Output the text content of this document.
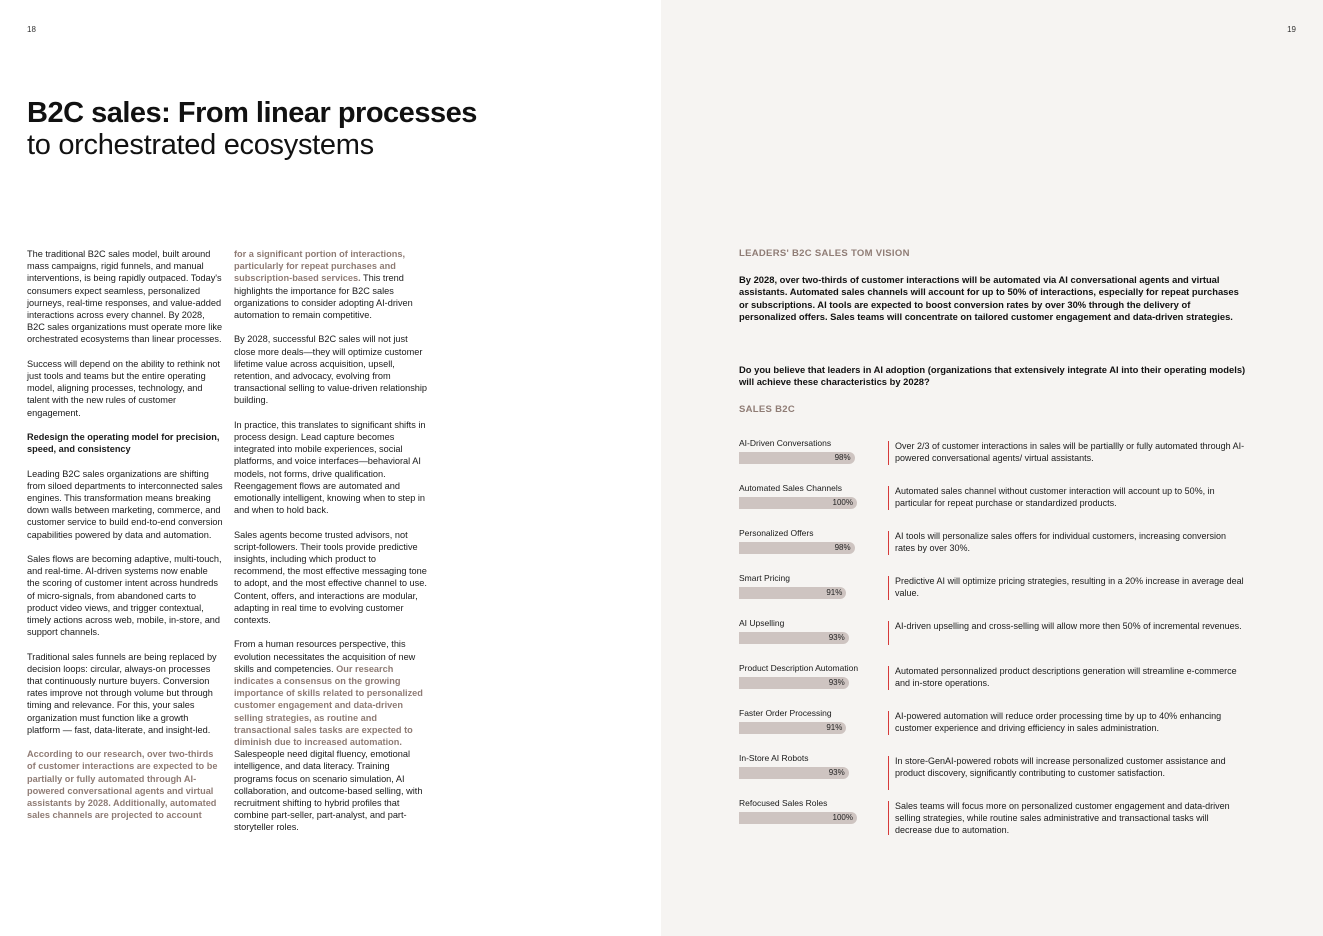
18
B2C sales: From linear processes
to orchestrated ecosystems

The traditional B2C sales model, built around mass campaigns, rigid funnels, and manual interventions, is being rapidly outpaced. Today's consumers expect seamless, personalized journeys, real-time responses, and value-added interactions across every channel. By 2028, B2C sales organizations must operate more like orchestrated ecosystems than linear processes.

Success will depend on the ability to rethink not just tools and teams but the entire operating model, aligning processes, technology, and talent with the new rules of customer engagement.

Redesign the operating model for precision, speed, and consistency

Leading B2C sales organizations are shifting from siloed departments to interconnected sales engines. This transformation means breaking down walls between marketing, commerce, and customer service to build end-to-end conversion capabilities powered by data and automation.

Sales flows are becoming adaptive, multi-touch, and real-time. AI-driven systems now enable the scoring of customer intent across hundreds of micro-signals, from abandoned carts to product video views, and trigger contextual, timely actions across web, mobile, in-store, and support channels.

Traditional sales funnels are being replaced by decision loops: circular, always-on processes that continuously nurture buyers. Conversion rates improve not through volume but through timing and relevance. For this, your sales organization must function like a growth platform — fast, data-literate, and insight-led.

According to our research, over two-thirds of customer interactions are expected to be partially or fully automated through AI-powered conversational agents and virtual assistants by 2028. Additionally, automated sales channels are projected to account

for a significant portion of interactions, particularly for repeat purchases and subscription-based services. This trend highlights the importance for B2C sales organizations to consider adopting AI-driven automation to remain competitive.

By 2028, successful B2C sales will not just close more deals—they will optimize customer lifetime value across acquisition, upsell, retention, and advocacy, evolving from transactional selling to value-driven relationship building.

In practice, this translates to significant shifts in process design. Lead capture becomes integrated into mobile experiences, social platforms, and voice interfaces—behavioral AI models, not forms, drive qualification. Reengagement flows are automated and emotionally intelligent, knowing when to step in and when to hold back.

Sales agents become trusted advisors, not script-followers. Their tools provide predictive insights, including which product to recommend, the most effective messaging tone to adopt, and the most effective channel to use. Content, offers, and interactions are modular, adapting in real time to evolving customer contexts.

From a human resources perspective, this evolution necessitates the acquisition of new skills and competencies. Our research indicates a consensus on the growing importance of skills related to personalized customer engagement and data-driven selling strategies, as routine and transactional sales tasks are expected to diminish due to increased automation. Salespeople need digital fluency, emotional intelligence, and data literacy. Training programs focus on scenario simulation, AI collaboration, and outcome-based selling, with recruitment shifting to hybrid profiles that combine part-seller, part-analyst, and part-storyteller roles.

19
LEADERS' B2C SALES TOM VISION
By 2028, over two-thirds of customer interactions will be automated via AI conversational agents and virtual assistants. Automated sales channels will account for up to 50% of interactions, especially for repeat purchases or subscriptions. AI tools are expected to boost conversion rates by over 30% through the delivery of personalized offers. Sales teams will concentrate on tailored customer engagement and data-driven strategies.
Do you believe that leaders in AI adoption (organizations that extensively integrate AI into their operating models) will achieve these characteristics by 2028?
SALES B2C
AI-Driven Conversations
98%
Over 2/3 of customer interactions in sales will be partiallly or fully automated through AI-powered conversational agents/ virtual assistants.
Automated Sales Channels
100%
Automated sales channel without customer interaction will account up to 50%, in particular for repeat purchase or standardized products.
Personalized Offers
98%
AI tools will personalize sales offers for individual customers, increasing conversion rates by over 30%.
Smart Pricing
91%
Predictive AI will optimize pricing strategies, resulting in a 20% increase in average deal value.
AI Upselling
93%
AI-driven upselling and cross-selling will allow more then 50% of incremental revenues.
Product Description Automation
93%
Automated personnalized product descriptions generation will streamline e-commerce and in-store operations.
Faster Order Processing
91%
AI-powered automation will reduce order processing time by up to 40% enhancing customer experience and driving efficiency in sales administration.
In-Store AI Robots
93%
In store-GenAI-powered robots will increase personalized customer assistance and product discovery, significantly contributing to customer satisfaction.
Refocused Sales Roles
100%
Sales teams will focus more on personalized customer engagement and data-driven selling strategies, while routine sales administrative and transactional tasks will decrease due to automation.
